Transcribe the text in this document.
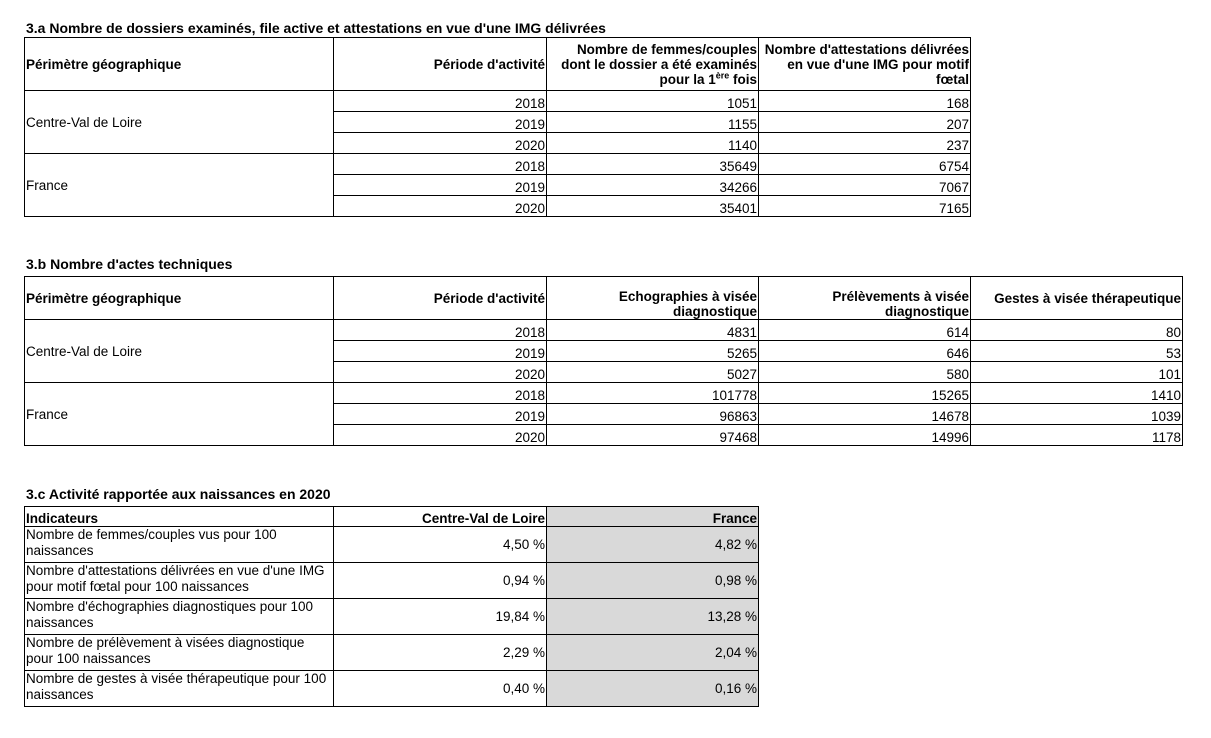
3.a Nombre de dossiers examinés, file active et attestations en vue d'une IMG délivrées
Périmètre géographique	Période d'activité	Nombre de femmes/couples dont le dossier a été examinés pour la 1ère fois	Nombre d'attestations délivrées en vue d'une IMG pour motif fœtal
Centre-Val de Loire	2018	1051	168
	2019	1155	207
	2020	1140	237
France	2018	35649	6754
	2019	34266	7067
	2020	35401	7165
3.b Nombre d'actes techniques
Périmètre géographique	Période d'activité	Echographies à visée diagnostique	Prélèvements à visée diagnostique	Gestes à visée thérapeutique
Centre-Val de Loire	2018	4831	614	80
	2019	5265	646	53
	2020	5027	580	101
France	2018	101778	15265	1410
	2019	96863	14678	1039
	2020	97468	14996	1178
3.c Activité rapportée aux naissances en 2020
Indicateurs	Centre-Val de Loire	France
Nombre de femmes/couples vus pour 100 naissances	4,50 %	4,82 %
Nombre d'attestations délivrées en vue d'une IMG pour motif fœtal pour 100 naissances	0,94 %	0,98 %
Nombre d'échographies diagnostiques pour 100 naissances	19,84 %	13,28 %
Nombre de prélèvement à visées diagnostique pour 100 naissances	2,29 %	2,04 %
Nombre de gestes à visée thérapeutique pour 100 naissances	0,40 %	0,16 %
